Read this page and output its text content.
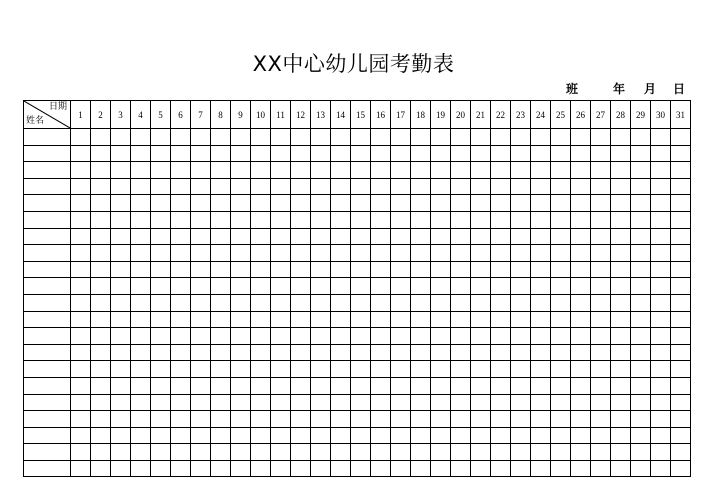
XX中心幼儿园考勤表
班	年 月 日
日期
姓名	1	2	3	4	5	6	7	8	9	10	11	12	13	14	15	16	17	18	19	20	21	22	23	24	25	26	27	28	29	30	31
